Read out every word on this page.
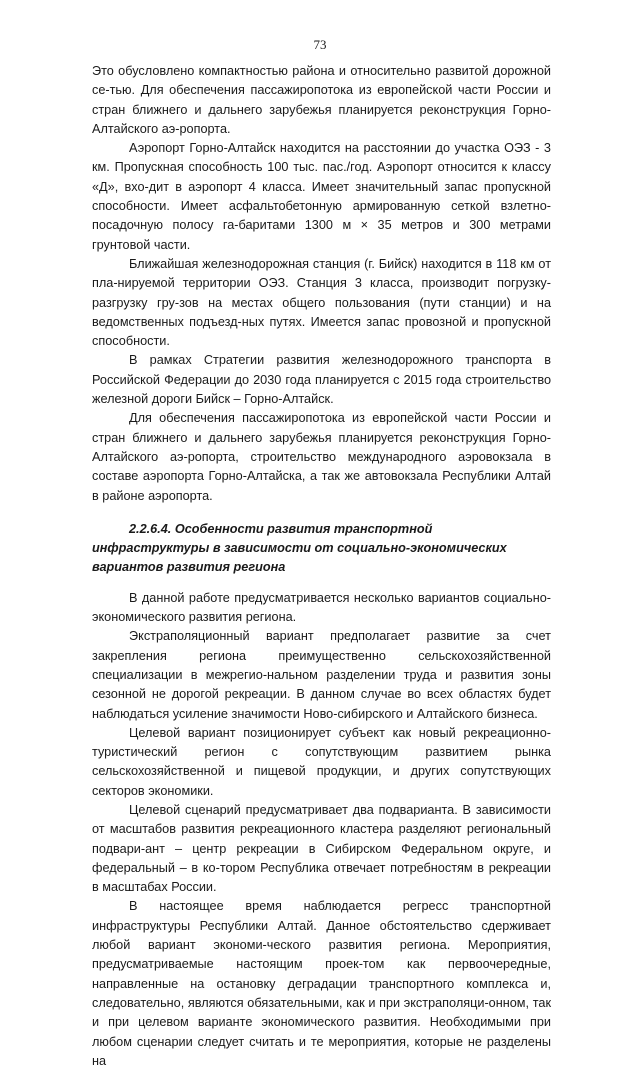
73

Это обусловлено компактностью района и относительно развитой дорожной се-тью. Для обеспечения пассажиропотока из европейской части России и стран ближнего и дальнего зарубежья планируется реконструкция Горно-Алтайского аэ-ропорта.

Аэропорт Горно-Алтайск находится на расстоянии до участка ОЭЗ - 3 км. Пропускная способность 100 тыс. пас./год. Аэропорт относится к классу «Д», вхо-дит в аэропорт 4 класса. Имеет значительный запас пропускной способности. Имеет асфальтобетонную армированную сеткой взлетно-посадочную полосу га-баритами 1300 м × 35 метров и 300 метрами грунтовой части.

Ближайшая железнодорожная станция (г. Бийск) находится в 118 км от пла-нируемой территории ОЭЗ. Станция 3 класса, производит погрузку-разгрузку гру-зов на местах общего пользования (пути станции) и на ведомственных подъезд-ных путях. Имеется запас провозной и пропускной способности.

В рамках Стратегии развития железнодорожного транспорта в Российской Федерации до 2030 года планируется с 2015 года строительство железной дороги Бийск – Горно-Алтайск.

Для обеспечения пассажиропотока из европейской части России и стран ближнего и дальнего зарубежья планируется реконструкция Горно-Алтайского аэ-ропорта, строительство международного аэровокзала в составе аэропорта Горно-Алтайска, а так же автовокзала Республики Алтай в районе аэропорта.

2.2.6.4. Особенности развития транспортной инфраструктуры в зависимости от социально-экономических вариантов развития региона

В данной работе предусматривается несколько вариантов социально-экономического развития региона.

Экстраполяционный вариант предполагает развитие за счет закрепления региона преимущественно сельскохозяйственной специализации в межрегио-нальном разделении труда и развития зоны сезонной не дорогой рекреации. В данном случае во всех областях будет наблюдаться усиление значимости Ново-сибирского и Алтайского бизнеса.

Целевой вариант позиционирует субъект как новый рекреационно-туристический регион с сопутствующим развитием рынка сельскохозяйственной и пищевой продукции, и других сопутствующих секторов экономики.

Целевой сценарий предусматривает два подварианта. В зависимости от масштабов развития рекреационного кластера разделяют региональный подвари-ант – центр рекреации в Сибирском Федеральном округе, и федеральный – в ко-тором Республика отвечает потребностям в рекреации в масштабах России.

В настоящее время наблюдается регресс транспортной инфраструктуры Республики Алтай. Данное обстоятельство сдерживает любой вариант экономи-ческого развития региона. Мероприятия, предусматриваемые настоящим проек-том как первоочередные, направленные на остановку деградации транспортного комплекса и, следовательно, являются обязательными, как и при экстраполяци-онном, так и при целевом варианте экономического развития. Необходимыми при любом сценарии следует считать и те мероприятия, которые не разделены на
